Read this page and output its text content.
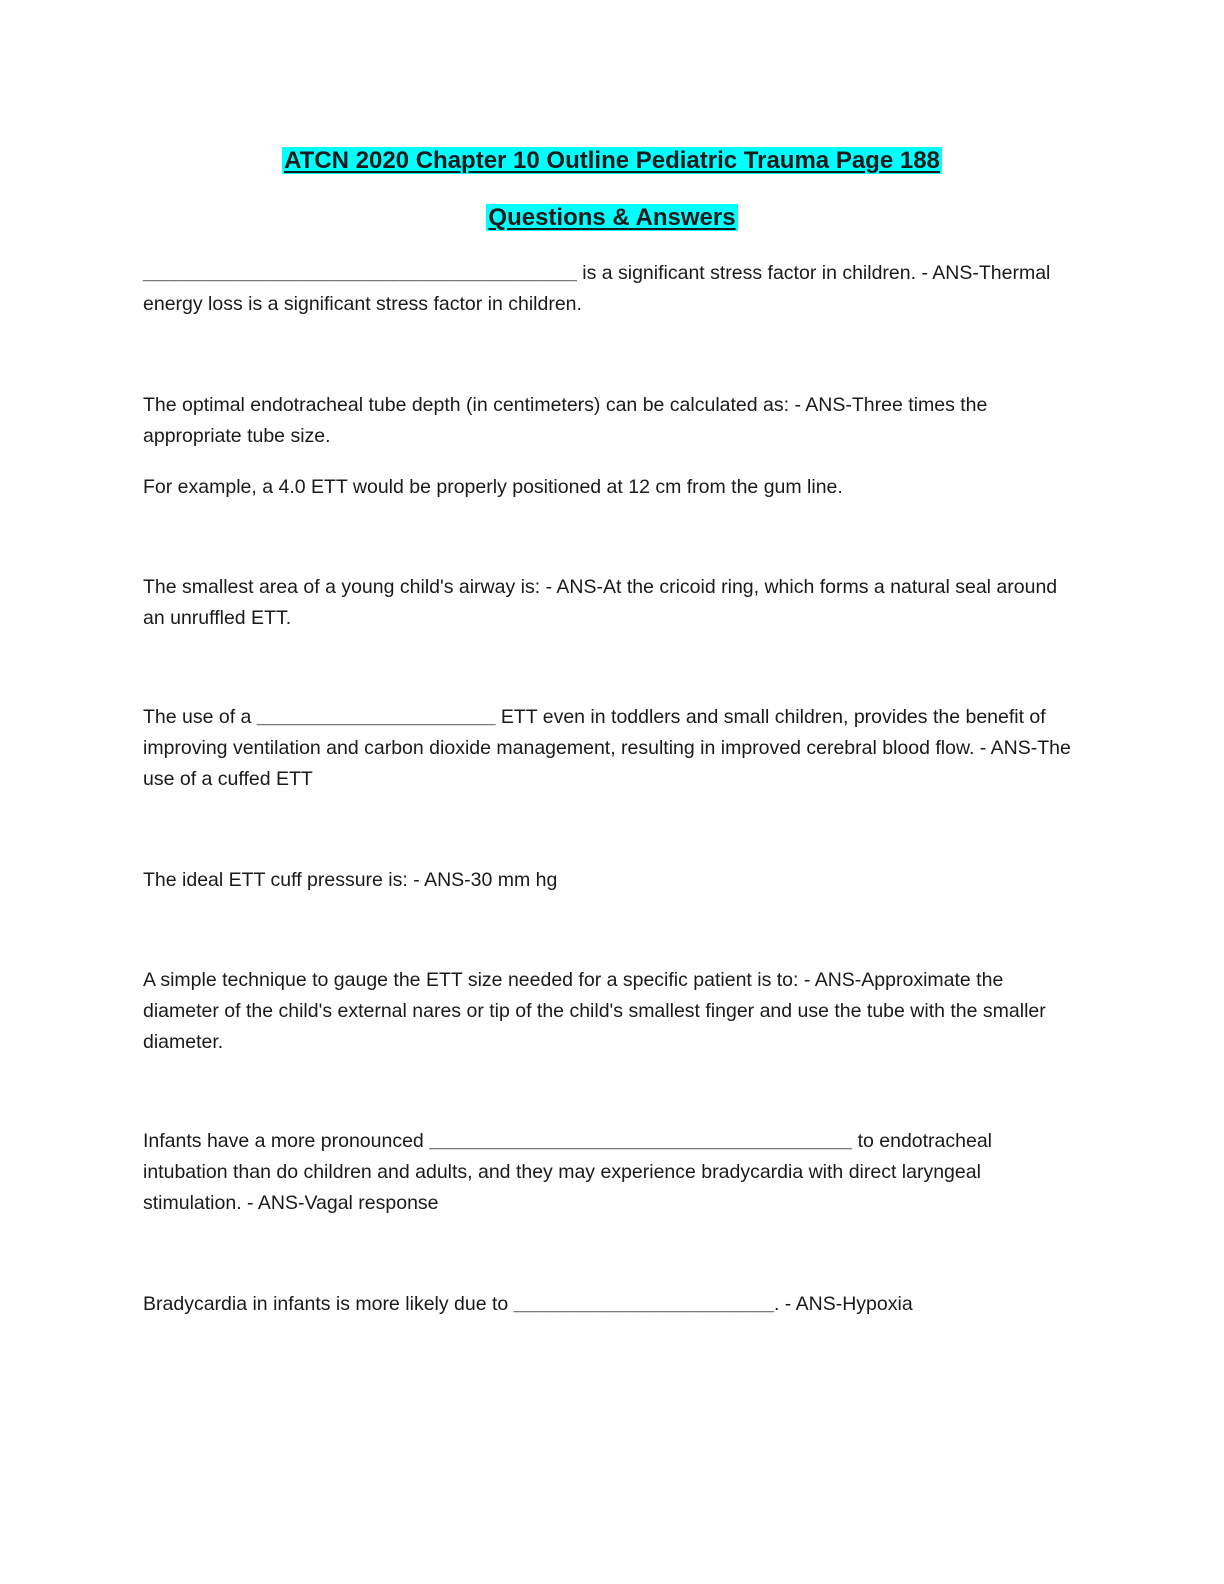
ATCN 2020 Chapter 10 Outline Pediatric Trauma Page 188
Questions & Answers
________________________________________ is a significant stress factor in children. - ANS-Thermal energy loss is a significant stress factor in children.
The optimal endotracheal tube depth (in centimeters) can be calculated as: - ANS-Three times the appropriate tube size.
For example, a 4.0 ETT would be properly positioned at 12 cm from the gum line.
The smallest area of a young child's airway is: - ANS-At the cricoid ring, which forms a natural seal around an unruffled ETT.
The use of a ______________________ ETT even in toddlers and small children, provides the benefit of improving ventilation and carbon dioxide management, resulting in improved cerebral blood flow. - ANS-The use of a cuffed ETT
The ideal ETT cuff pressure is: - ANS-30 mm hg
A simple technique to gauge the ETT size needed for a specific patient is to: - ANS-Approximate the diameter of the child's external nares or tip of the child's smallest finger and use the tube with the smaller diameter.
Infants have a more pronounced _______________________________________ to endotracheal intubation than do children and adults, and they may experience bradycardia with direct laryngeal stimulation. - ANS-Vagal response
Bradycardia in infants is more likely due to ________________________. - ANS-Hypoxia
